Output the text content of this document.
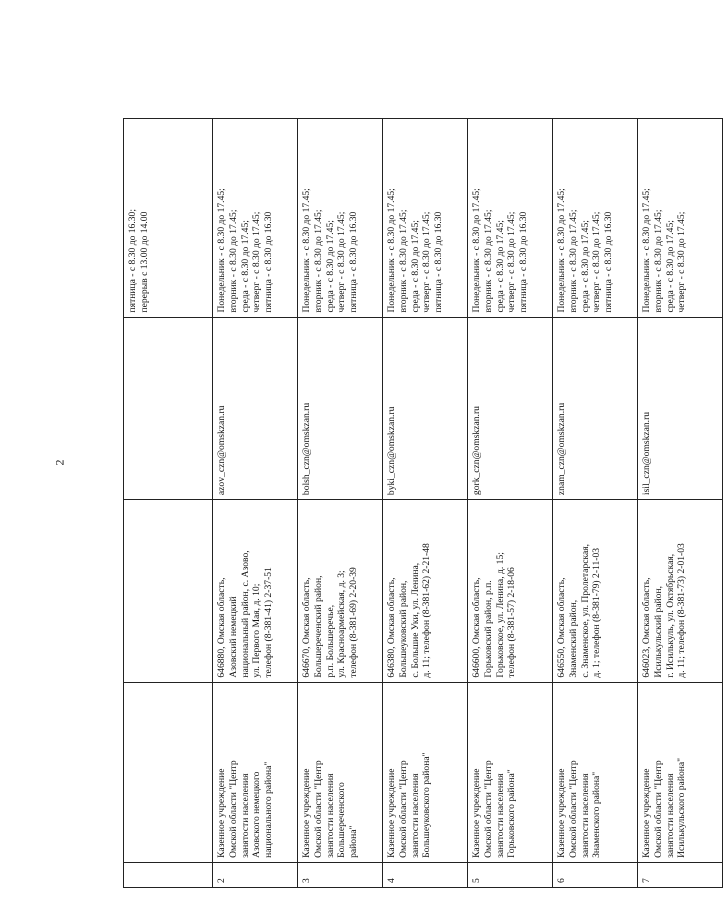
2

				пятница - с 8.30 до 16.30; перерыв с 13.00 до 14.00

2	Казенное учреждение Омской области "Центр занятости населения Азовского немецкого национального района"	646880, Омская область, Азовский немецкий национальный район, с. Азово, ул. Первого Мая, д. 10; телефон (8-381-41) 2-37-51	azov_czn@omskzan.ru	Понедельник - с 8.30 до 17.45; вторник - с 8.30 до 17.45; среда - с 8.30 до 17.45; четверг - с 8.30 до 17.45; пятница - с 8.30 до 16.30

3	Казенное учреждение Омской области "Центр занятости населения Большереченского района"	646670, Омская область, Большереченский район, р.п. Большеречье, ул. Красноармейская, д. 3; телефон (8-381-69) 2-20-39	bolsh_czn@omskzan.ru	Понедельник - с 8.30 до 17.45; вторник - с 8.30 до 17.45; среда - с 8.30 до 17.45; четверг - с 8.30 до 17.45; пятница - с 8.30 до 16.30

4	Казенное учреждение Омской области "Центр занятости населения Большеуковского района"	646380, Омская область, Большеуковский район, с. Большие Уки, ул. Ленина, д. 11; телефон (8-381-62) 2-21-48	byki_czn@omskzan.ru	Понедельник - с 8.30 до 17.45; вторник - с 8.30 до 17.45; среда - с 8.30 до 17.45; четверг - с 8.30 до 17.45; пятница - с 8.30 до 16.30

5	Казенное учреждение Омской области "Центр занятости населения Горьковского района"	646600, Омская область, Горьковский район, р.п. Горьковское, ул. Ленина, д. 15; телефон (8-381-57) 2-18-06	gork_czn@omskzan.ru	Понедельник - с 8.30 до 17.45; вторник - с 8.30 до 17.45; среда - с 8.30 до 17.45; четверг - с 8.30 до 17.45; пятница - с 8.30 до 16.30

6	Казенное учреждение Омской области "Центр занятости населения Знаменского района"	646550, Омская область, Знаменский район, с. Знаменское, ул. Пролетарская, д. 1; телефон (8-381-79) 2-11-03	znam_czn@omskzan.ru	Понедельник - с 8.30 до 17.45; вторник - с 8.30 до 17.45; среда - с 8.30 до 17.45; четверг - с 8.30 до 17.45; пятница - с 8.30 до 16.30

7	Казенное учреждение Омской области "Центр занятости населения Исилькульского района"	646023, Омская область, Исилькульский район, г. Исилькуль, ул. Октябрьская, д. 11; телефон (8-381-73) 2-01-03	isil_czn@omskzan.ru	Понедельник - с 8.30 до 17.45; вторник - с 8.30 до 17.45; среда - с 8.30 до 17.45; четверг - с 8.30 до 17.45;
